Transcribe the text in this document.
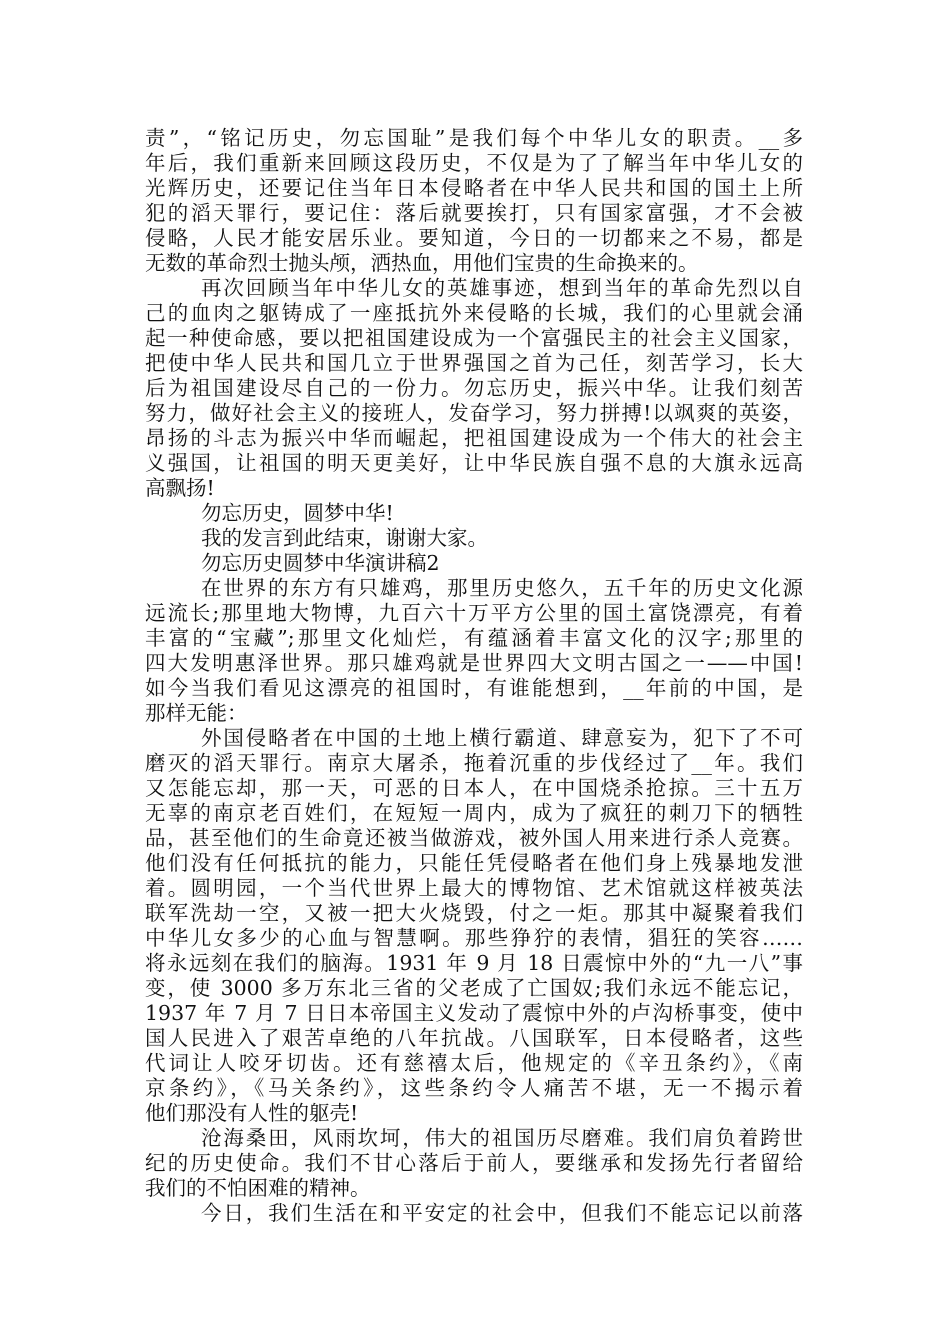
责”，“铭记历史，勿忘国耻”是我们每个中华儿女的职责。__多
年后，我们重新来回顾这段历史，不仅是为了了解当年中华儿女的
光辉历史，还要记住当年日本侵略者在中华人民共和国的国土上所
犯的滔天罪行，要记住：落后就要挨打，只有国家富强，才不会被
侵略，人民才能安居乐业。要知道，今日的一切都来之不易，都是
无数的革命烈士抛头颅，洒热血，用他们宝贵的生命换来的。
再次回顾当年中华儿女的英雄事迹，想到当年的革命先烈以自
己的血肉之躯铸成了一座抵抗外来侵略的长城，我们的心里就会涌
起一种使命感，要以把祖国建设成为一个富强民主的社会主义国家，
把使中华人民共和国几立于世界强国之首为己任，刻苦学习，长大
后为祖国建设尽自己的一份力。勿忘历史，振兴中华。让我们刻苦
努力，做好社会主义的接班人，发奋学习，努力拼搏!以飒爽的英姿，
昂扬的斗志为振兴中华而崛起，把祖国建设成为一个伟大的社会主
义强国，让祖国的明天更美好，让中华民族自强不息的大旗永远高
高飘扬!
勿忘历史，圆梦中华!
我的发言到此结束，谢谢大家。
勿忘历史圆梦中华演讲稿2
在世界的东方有只雄鸡，那里历史悠久，五千年的历史文化源
远流长;那里地大物博，九百六十万平方公里的国土富饶漂亮，有着
丰富的“宝藏”;那里文化灿烂，有蕴涵着丰富文化的汉字;那里的
四大发明惠泽世界。那只雄鸡就是世界四大文明古国之一——中国!
如今当我们看见这漂亮的祖国时，有谁能想到，__年前的中国，是
那样无能：
外国侵略者在中国的土地上横行霸道、肆意妄为，犯下了不可
磨灭的滔天罪行。南京大屠杀，拖着沉重的步伐经过了__年。我们
又怎能忘却，那一天，可恶的日本人，在中国烧杀抢掠。三十五万
无辜的南京老百姓们，在短短一周内，成为了疯狂的刺刀下的牺牲
品，甚至他们的生命竟还被当做游戏，被外国人用来进行杀人竞赛。
他们没有任何抵抗的能力，只能任凭侵略者在他们身上残暴地发泄
着。圆明园，一个当代世界上最大的博物馆、艺术馆就这样被英法
联军洗劫一空，又被一把大火烧毁，付之一炬。那其中凝聚着我们
中华儿女多少的心血与智慧啊。那些狰狞的表情，猖狂的笑容……
将永远刻在我们的脑海。1931 年 9 月 18 日震惊中外的“九一八”事
变，使 3000 多万东北三省的父老成了亡国奴;我们永远不能忘记，
1937 年 7 月 7 日日本帝国主义发动了震惊中外的卢沟桥事变，使中
国人民进入了艰苦卓绝的八年抗战。八国联军，日本侵略者，这些
代词让人咬牙切齿。还有慈禧太后，他规定的《辛丑条约》，《南
京条约》，《马关条约》，这些条约令人痛苦不堪，无一不揭示着
他们那没有人性的躯壳!
沧海桑田，风雨坎坷，伟大的祖国历尽磨难。我们肩负着跨世
纪的历史使命。我们不甘心落后于前人，要继承和发扬先行者留给
我们的不怕困难的精神。
今日，我们生活在和平安定的社会中，但我们不能忘记以前落
